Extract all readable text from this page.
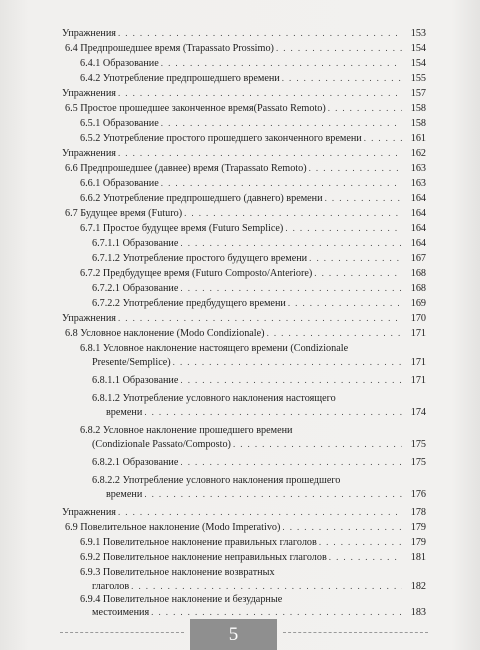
Упражнения . . .	153
6.4 Предпрошедшее время (Trapassato Prossimo) . . .	154
6.4.1 Образование . . .	154
6.4.2 Употребление предпрошедшего времени . . .	155
Упражнения . . .	157
6.5 Простое прошедшее законченное время(Passato Remoto) . . .	158
6.5.1 Образование . . .	158
6.5.2 Употребление простого прошедшего законченного времени . . .	161
Упражнения . . .	162
6.6 Предпрошедшее (давнее) время (Trapassato Remoto) . . .	163
6.6.1 Образование . . .	163
6.6.2 Употребление предпрошедшего (давнего) времени . . .	164
6.7 Будущее время (Futuro) . . .	164
6.7.1 Простое будущее время (Futuro Semplice) . . .	164
6.7.1.1 Образование . . .	164
6.7.1.2 Употребление простого будущего времени . . .	167
6.7.2 Предбудущее время (Futuro Composto/Anteriore) . . .	168
6.7.2.1 Образование . . .	168
6.7.2.2 Употребление предбудущего времени . . .	169
Упражнения . . .	170
6.8 Условное наклонение (Modo Condizionale) . . .	171
6.8.1 Условное наклонение настоящего времени (Condizionale
Presente/Semplice) . . .	171
6.8.1.1 Образование . . .	171
6.8.1.2 Употребление условного наклонения настоящего
времени . . .	174
6.8.2 Условное наклонение прошедшего времени
(Condizionale Passato/Composto) . . .	175
6.8.2.1 Образование . . .	175
6.8.2.2 Употребление условного наклонения прошедшего
времени . . .	176
Упражнения . . .	178
6.9 Повелительное наклонение (Modo Imperativo) . . .	179
6.9.1 Повелительное наклонение правильных глаголов . . .	179
6.9.2 Повелительное наклонение неправильных глаголов . . .	181
6.9.3 Повелительное наклонение возвратных
глаголов . . .	182
6.9.4 Повелительное наклонение и безударные
местоимения . . .	183
5
